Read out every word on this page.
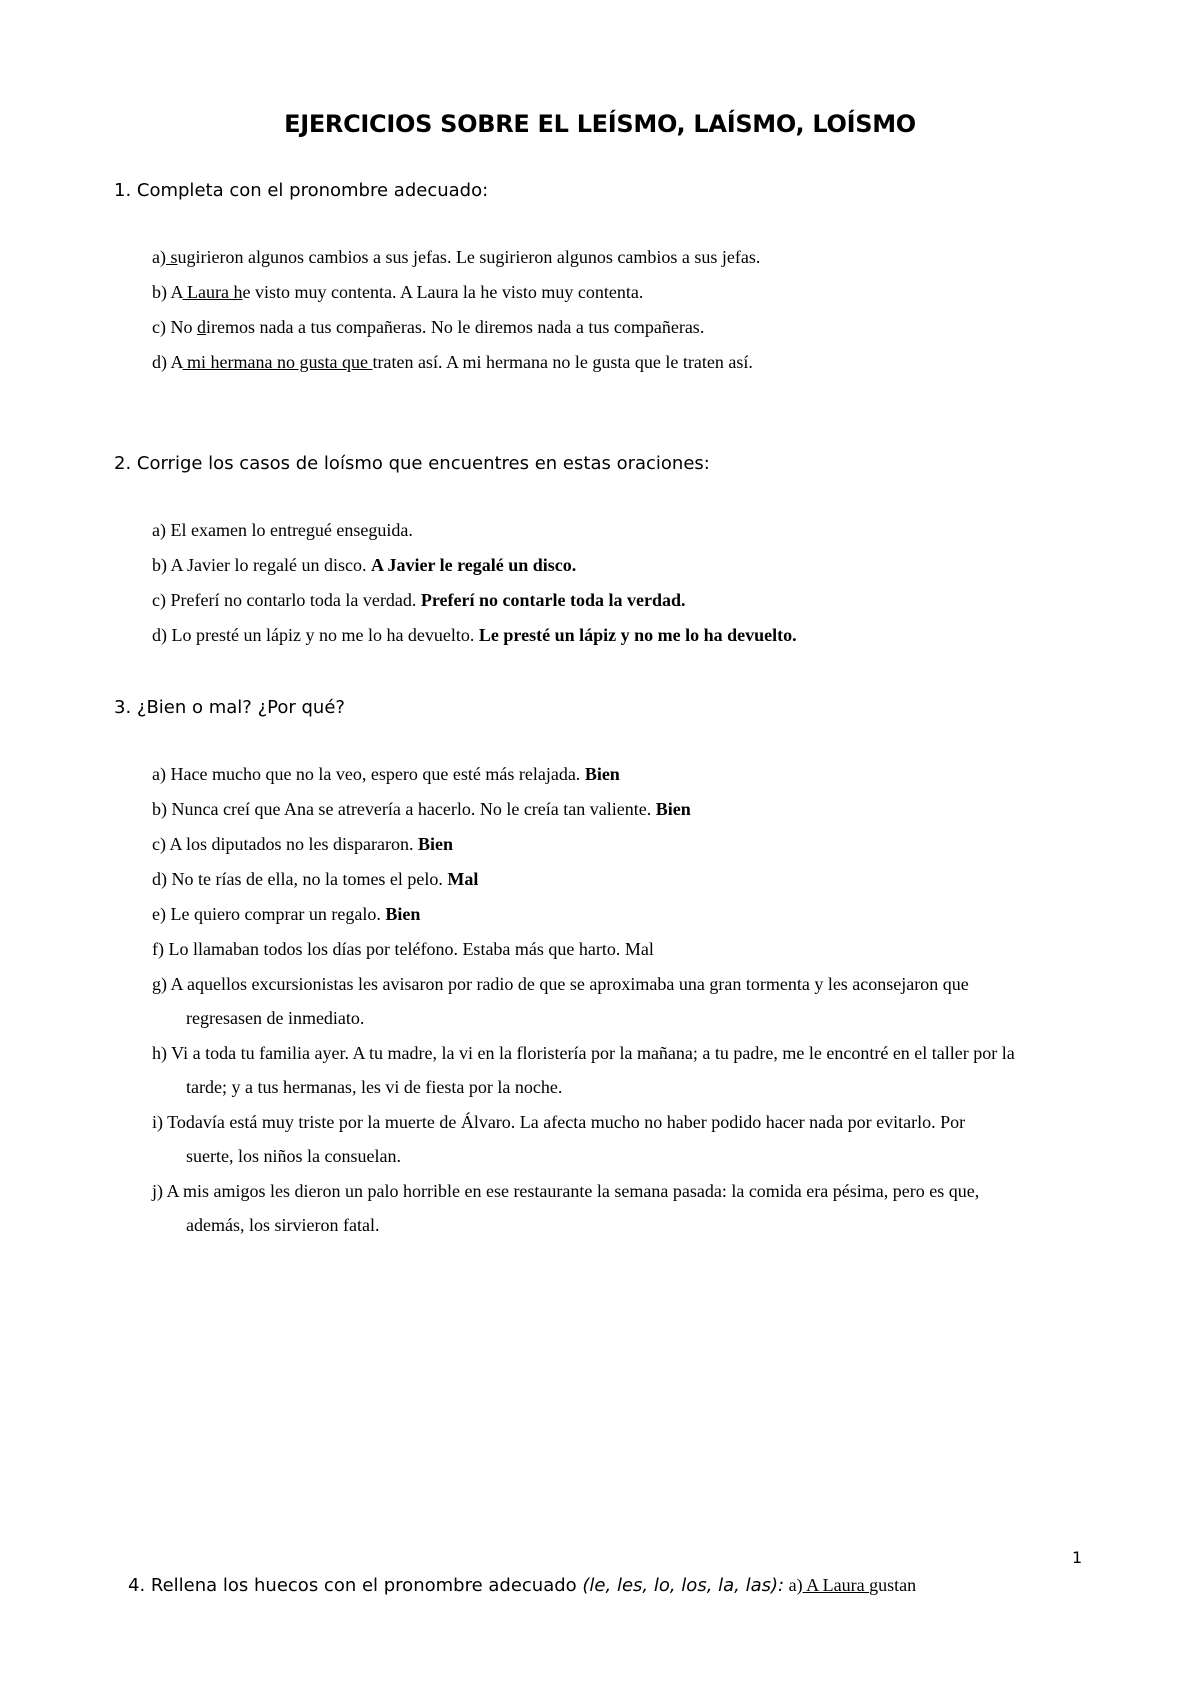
EJERCICIOS SOBRE EL LEÍSMO, LAÍSMO, LOÍSMO

1. Completa con el pronombre adecuado:

a) sugirieron algunos cambios a sus jefas. Le sugirieron algunos cambios a sus jefas.

b) A Laura he visto muy contenta. A Laura la he visto muy contenta.

c) No diremos nada a tus compañeras. No le diremos nada a tus compañeras.

d) A mi hermana no gusta que traten así. A mi hermana no le gusta que le traten así.

2. Corrige los casos de loísmo que encuentres en estas oraciones:

a) El examen lo entregué enseguida.

b) A Javier lo regalé un disco. A Javier le regalé un disco.

c) Preferí no contarlo toda la verdad. Preferí no contarle toda la verdad.

d) Lo presté un lápiz y no me lo ha devuelto. Le presté un lápiz y no me lo ha devuelto.

3. ¿Bien o mal? ¿Por qué?

a) Hace mucho que no la veo, espero que esté más relajada. Bien

b) Nunca creí que Ana se atrevería a hacerlo. No le creía tan valiente. Bien

c) A los diputados no les dispararon. Bien

d) No te rías de ella, no la tomes el pelo. Mal

e) Le quiero comprar un regalo. Bien

f) Lo llamaban todos los días por teléfono. Estaba más que harto. Mal

g) A aquellos excursionistas les avisaron por radio de que se aproximaba una gran tormenta y les aconsejaron que
regresasen de inmediato.

h) Vi a toda tu familia ayer. A tu madre, la vi en la floristería por la mañana; a tu padre, me le encontré en el taller por la
tarde; y a tus hermanas, les vi de fiesta por la noche.

i) Todavía está muy triste por la muerte de Álvaro. La afecta mucho no haber podido hacer nada por evitarlo. Por
suerte, los niños la consuelan.

j) A mis amigos les dieron un palo horrible en ese restaurante la semana pasada: la comida era pésima, pero es que,
además, los sirvieron fatal.

1
4. Rellena los huecos con el pronombre adecuado (le, les, lo, los, la, las): a) A Laura gustan
